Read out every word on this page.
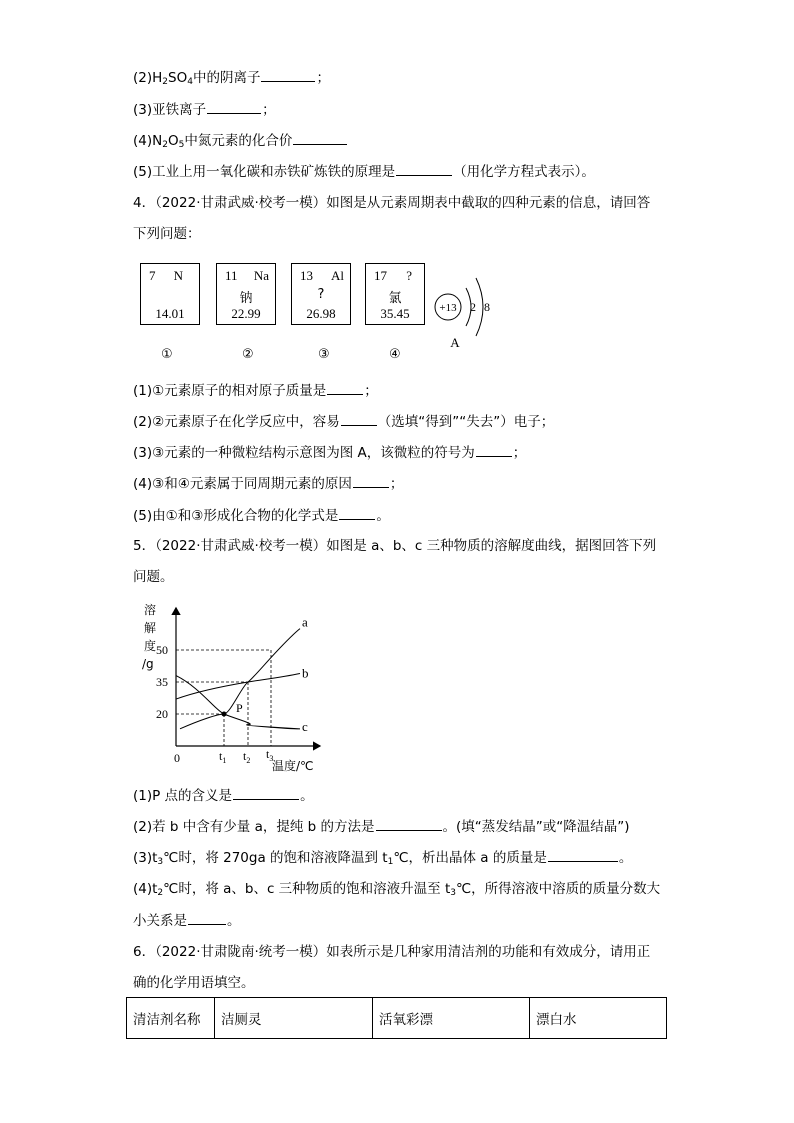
$(2)H_2SO_4$中的阴离子	；
(3)亚铁离子	；
$(4)N_2O_5$中氮元素的化合价
(5)工业上用一氧化碳和赤铁矿炼铁的原理是	（用化学方程式表示）。
4．（2022·甘肃武威·校考一模）如图是从元素周期表中截取的四种元素的信息，请回答
下列问题：
7 N
14.01
11 Na
钠
22.99
13 Al
?
26.98
17 ?
氯
35.45	+13 2 8
A
①	②	③	④
(1)①元素原子的相对原子质量是	；
(2)②元素原子在化学反应中，容易	（选填“得到”“失去”）电子；
(3)③元素的一种微粒结构示意图为图 A，该微粒的符号为	；
(4)③和④元素属于同周期元素的原因	；
(5)由①和③形成化合物的化学式是	。
5．（2022·甘肃武威·校考一模）如图是 a、b、c 三种物质的溶解度曲线，据图回答下列
问题。
溶
解
度
/g
50
35
20
$t_1$ $t_2$ $t_3$
a
b
c
P
0
温度/℃
(1)P 点的含义是	。
(2)若 b 中含有少量 a，提纯 b 的方法是	。(填“蒸发结晶”或“降温结晶”)
$(3)t_3℃$时，将 270ga 的饱和溶液降温到 $t_1℃$，析出晶体 a 的质量是	。
$(4)t_2℃$时，将 a、b、c 三种物质的饱和溶液升温至 $t_3℃$，所得溶液中溶质的质量分数大
小关系是	。
6．（2022·甘肃陇南·统考一模）如表所示是几种家用清洁剂的功能和有效成分，请用正
确的化学用语填空。
清洁剂名称	洁厕灵	活氧彩漂	漂白水
